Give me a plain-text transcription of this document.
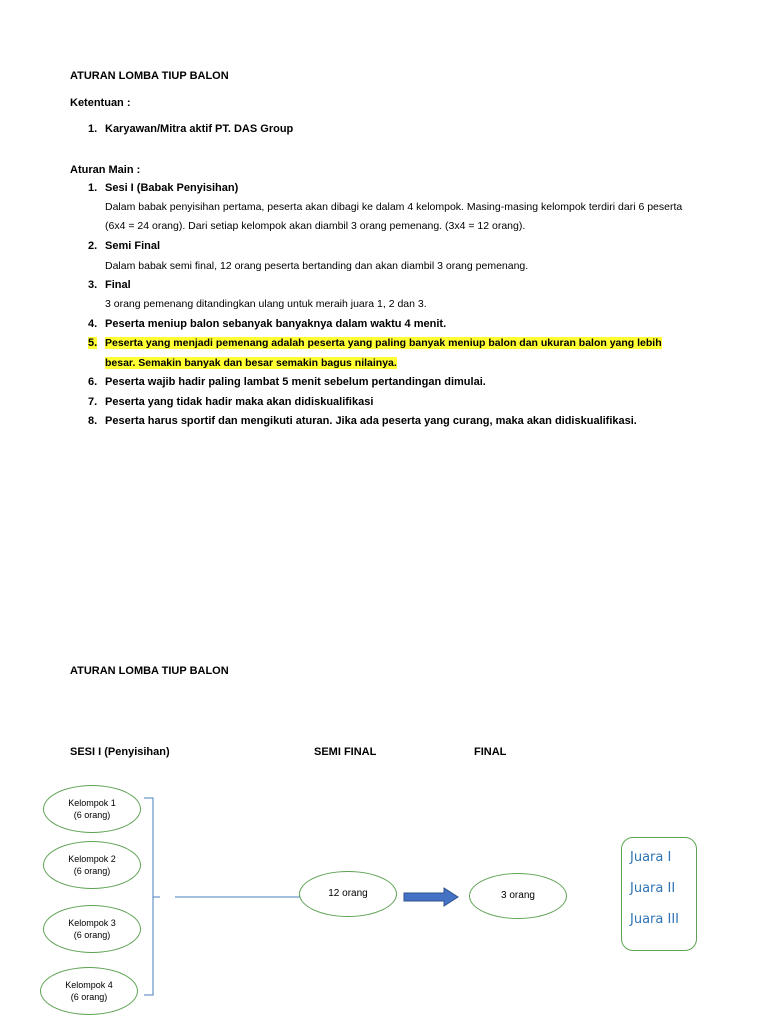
ATURAN LOMBA TIUP BALON
Ketentuan :
1. Karyawan/Mitra aktif PT. DAS Group
Aturan Main :
1. Sesi I (Babak Penyisihan)
Dalam babak penyisihan pertama, peserta akan dibagi ke dalam 4 kelompok. Masing-masing kelompok terdiri dari 6 peserta
(6x4 = 24 orang). Dari setiap kelompok akan diambil 3 orang pemenang. (3x4 = 12 orang).
2. Semi Final
Dalam babak semi final, 12 orang peserta bertanding dan akan diambil 3 orang pemenang.
3. Final
3 orang pemenang ditandingkan ulang untuk meraih juara 1, 2 dan 3.
4. Peserta meniup balon sebanyak banyaknya dalam waktu 4 menit.
5. Peserta yang menjadi pemenang adalah peserta yang paling banyak meniup balon dan ukuran balon yang lebih
besar. Semakin banyak dan besar semakin bagus nilainya.
6. Peserta wajib hadir paling lambat 5 menit sebelum pertandingan dimulai.
7. Peserta yang tidak hadir maka akan didiskualifikasi
8. Peserta harus sportif dan mengikuti aturan. Jika ada peserta yang curang, maka akan didiskualifikasi.
ATURAN LOMBA TIUP BALON
SESI I (Penyisihan)	SEMI FINAL	FINAL
Kelompok 1
(6 orang)
Kelompok 2
(6 orang)
Kelompok 3
(6 orang)
Kelompok 4
(6 orang)
12 orang	3 orang
Juara I
Juara II
Juara III
